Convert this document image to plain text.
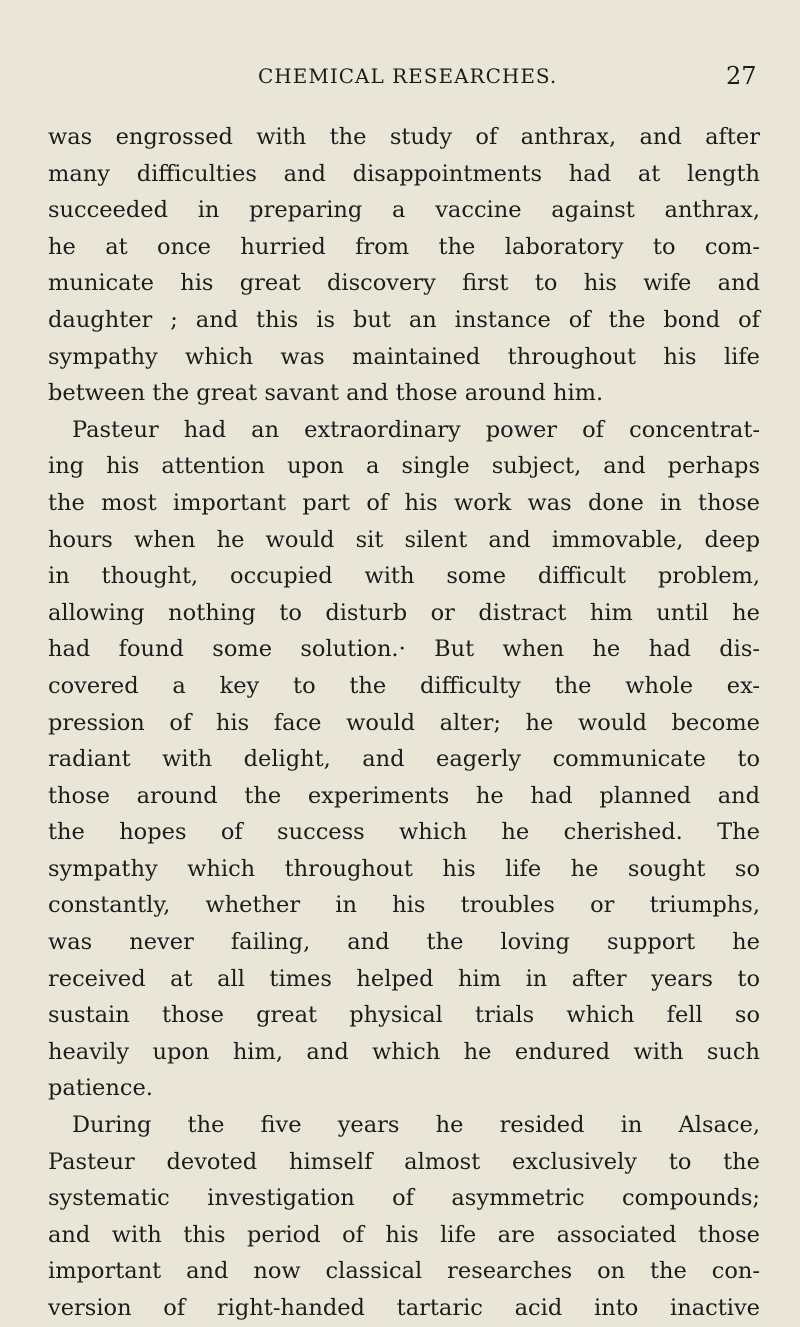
CHEMICAL RESEARCHES.	27
was engrossed with the study of anthrax, and after
many difficulties and disappointments had at length
succeeded in preparing a vaccine against anthrax,
he at once hurried from the laboratory to com-
municate his great discovery first to his wife and
daughter ; and this is but an instance of the bond of
sympathy which was maintained throughout his life
between the great savant and those around him.
Pasteur had an extraordinary power of concentrat-
ing his attention upon a single subject, and perhaps
the most important part of his work was done in those
hours when he would sit silent and immovable, deep
in thought, occupied with some difficult problem,
allowing nothing to disturb or distract him until he
had found some solution.· But when he had dis-
covered a key to the difficulty the whole ex-
pression of his face would alter; he would become
radiant with delight, and eagerly communicate to
those around the experiments he had planned and
the hopes of success which he cherished. The
sympathy which throughout his life he sought so
constantly, whether in his troubles or triumphs,
was never failing, and the loving support he
received at all times helped him in after years to
sustain those great physical trials which fell so
heavily upon him, and which he endured with such
patience.
During the five years he resided in Alsace,
Pasteur devoted himself almost exclusively to the
systematic investigation of asymmetric compounds;
and with this period of his life are associated those
important and now classical researches on the con-
version of right-handed tartaric acid into inactive
